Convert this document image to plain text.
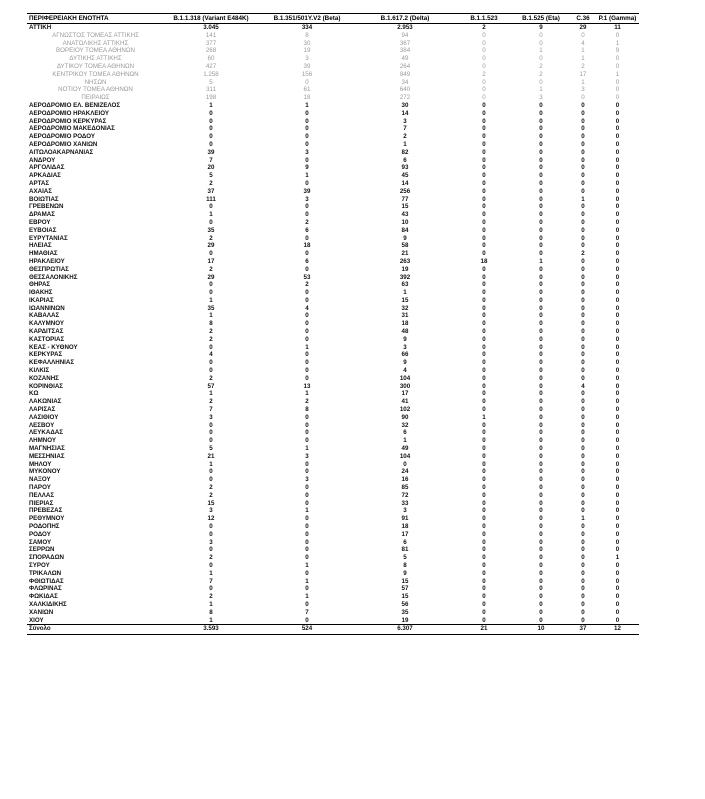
ΠΕΡΙΦΕΡΕΙΑΚΗ ΕΝΟΤΗΤΑ	B.1.1.318 (Variant E484K)	B.1.351/501Y.V2 (Beta)	B.1.617.2 (Delta)	B.1.1.523	B.1.525 (Eta)	C.36	P.1 (Gamma)
ΑΤΤΙΚΗ	3.045	334	2.953	2	9	29	11
ΑΓΝΩΣΤΟΣ ΤΟΜΕΑΣ ΑΤΤΙΚΗΣ	141	8	94	0	0	0	0
ΑΝΑΤΟΛΙΚΗΣ ΑΤΤΙΚΗΣ	377	30	367	0	0	4	1
ΒΟΡΕΙΟΥ ΤΟΜΕΑ ΑΘΗΝΩΝ	268	19	384	0	1	1	9
ΔΥΤΙΚΗΣ ΑΤΤΙΚΗΣ	60	3	49	0	0	1	0
ΔΥΤΙΚΟΥ ΤΟΜΕΑ ΑΘΗΝΩΝ	427	39	264	0	2	2	0
ΚΕΝΤΡΙΚΟΥ ΤΟΜΕΑ ΑΘΗΝΩΝ	1.258	156	849	2	2	17	1
ΝΗΣΩΝ	5	0	34	0	0	1	0
ΝΟΤΙΟΥ ΤΟΜΕΑ ΑΘΗΝΩΝ	311	61	640	0	1	3	0
ΠΕΙΡΑΙΩΣ	198	18	272	0	3	0	0
ΑΕΡΟΔΡΟΜΙΟ ΕΛ. ΒΕΝΙΖΕΛΟΣ	1	1	30	0	0	0	0
ΑΕΡΟΔΡΟΜΙΟ ΗΡΑΚΛΕΙΟΥ	0	0	14	0	0	0	0
ΑΕΡΟΔΡΟΜΙΟ ΚΕΡΚΥΡΑΣ	0	0	3	0	0	0	0
ΑΕΡΟΔΡΟΜΙΟ ΜΑΚΕΔΟΝΙΑΣ	0	0	7	0	0	0	0
ΑΕΡΟΔΡΟΜΙΟ ΡΟΔΟΥ	0	0	2	0	0	0	0
ΑΕΡΟΔΡΟΜΙΟ ΧΑΝΙΩΝ	0	0	1	0	0	0	0
ΑΙΤΩΛΟΑΚΑΡΝΑΝΙΑΣ	39	3	82	0	0	0	0
ΑΝΔΡΟΥ	7	0	6	0	0	0	0
ΑΡΓΟΛΙΔΑΣ	20	9	93	0	0	0	0
ΑΡΚΑΔΙΑΣ	5	1	45	0	0	0	0
ΑΡΤΑΣ	2	0	14	0	0	0	0
ΑΧΑΪΑΣ	37	39	256	0	0	0	0
ΒΟΙΩΤΙΑΣ	111	3	77	0	0	1	0
ΓΡΕΒΕΝΩΝ	0	0	15	0	0	0	0
ΔΡΑΜΑΣ	1	0	43	0	0	0	0
ΕΒΡΟΥ	0	2	10	0	0	0	0
ΕΥΒΟΙΑΣ	35	6	84	0	0	0	0
ΕΥΡΥΤΑΝΙΑΣ	2	0	9	0	0	0	0
ΗΛΕΙΑΣ	29	18	58	0	0	0	0
ΗΜΑΘΙΑΣ	0	0	21	0	0	2	0
ΗΡΑΚΛΕΙΟΥ	17	6	263	18	1	0	0
ΘΕΣΠΡΩΤΙΑΣ	2	0	19	0	0	0	0
ΘΕΣΣΑΛΟΝΙΚΗΣ	29	53	392	0	0	0	0
ΘΗΡΑΣ	0	2	63	0	0	0	0
ΙΘΑΚΗΣ	0	0	1	0	0	0	0
ΙΚΑΡΙΑΣ	1	0	15	0	0	0	0
ΙΩΑΝΝΙΝΩΝ	35	4	32	0	0	0	0
ΚΑΒΑΛΑΣ	1	0	31	0	0	0	0
ΚΑΛΥΜΝΟΥ	8	0	18	0	0	0	0
ΚΑΡΔΙΤΣΑΣ	2	0	48	0	0	0	0
ΚΑΣΤΟΡΙΑΣ	2	0	9	0	0	0	0
ΚΕΑΣ - ΚΥΘΝΟΥ	0	1	3	0	0	0	0
ΚΕΡΚΥΡΑΣ	4	0	66	0	0	0	0
ΚΕΦΑΛΛΗΝΙΑΣ	0	0	9	0	0	0	0
ΚΙΛΚΙΣ	0	0	4	0	0	0	0
ΚΟΖΑΝΗΣ	2	0	104	0	0	0	0
ΚΟΡΙΝΘΙΑΣ	57	13	300	0	0	4	0
ΚΩ	1	1	17	0	0	0	0
ΛΑΚΩΝΙΑΣ	2	2	41	0	0	0	0
ΛΑΡΙΣΑΣ	7	8	102	0	0	0	0
ΛΑΣΙΘΙΟΥ	3	0	90	1	0	0	0
ΛΕΣΒΟΥ	0	0	32	0	0	0	0
ΛΕΥΚΑΔΑΣ	0	0	6	0	0	0	0
ΛΗΜΝΟΥ	0	0	1	0	0	0	0
ΜΑΓΝΗΣΙΑΣ	5	1	49	0	0	0	0
ΜΕΣΣΗΝΙΑΣ	21	3	104	0	0	0	0
ΜΗΛΟΥ	1	0	0	0	0	0	0
ΜΥΚΟΝΟΥ	0	0	24	0	0	0	0
ΝΑΞΟΥ	0	3	16	0	0	0	0
ΠΑΡΟΥ	2	0	85	0	0	0	0
ΠΕΛΛΑΣ	2	0	72	0	0	0	0
ΠΙΕΡΙΑΣ	15	0	33	0	0	0	0
ΠΡΕΒΕΖΑΣ	3	1	3	0	0	0	0
ΡΕΘΥΜΝΟΥ	12	0	91	0	0	1	0
ΡΟΔΟΠΗΣ	0	0	18	0	0	0	0
ΡΟΔΟΥ	0	0	17	0	0	0	0
ΣΑΜΟΥ	3	0	6	0	0	0	0
ΣΕΡΡΩΝ	0	0	81	0	0	0	0
ΣΠΟΡΑΔΩΝ	2	0	5	0	0	0	1
ΣΥΡΟΥ	0	1	8	0	0	0	0
ΤΡΙΚΑΛΩΝ	1	0	9	0	0	0	0
ΦΘΙΩΤΙΔΑΣ	7	1	15	0	0	0	0
ΦΛΩΡΙΝΑΣ	0	0	57	0	0	0	0
ΦΩΚΙΔΑΣ	2	1	15	0	0	0	0
ΧΑΛΚΙΔΙΚΗΣ	1	0	56	0	0	0	0
ΧΑΝΙΩΝ	8	7	35	0	0	0	0
ΧΙΟΥ	1	0	19	0	0	0	0
Σύνολο	3.593	524	6.307	21	10	37	12
